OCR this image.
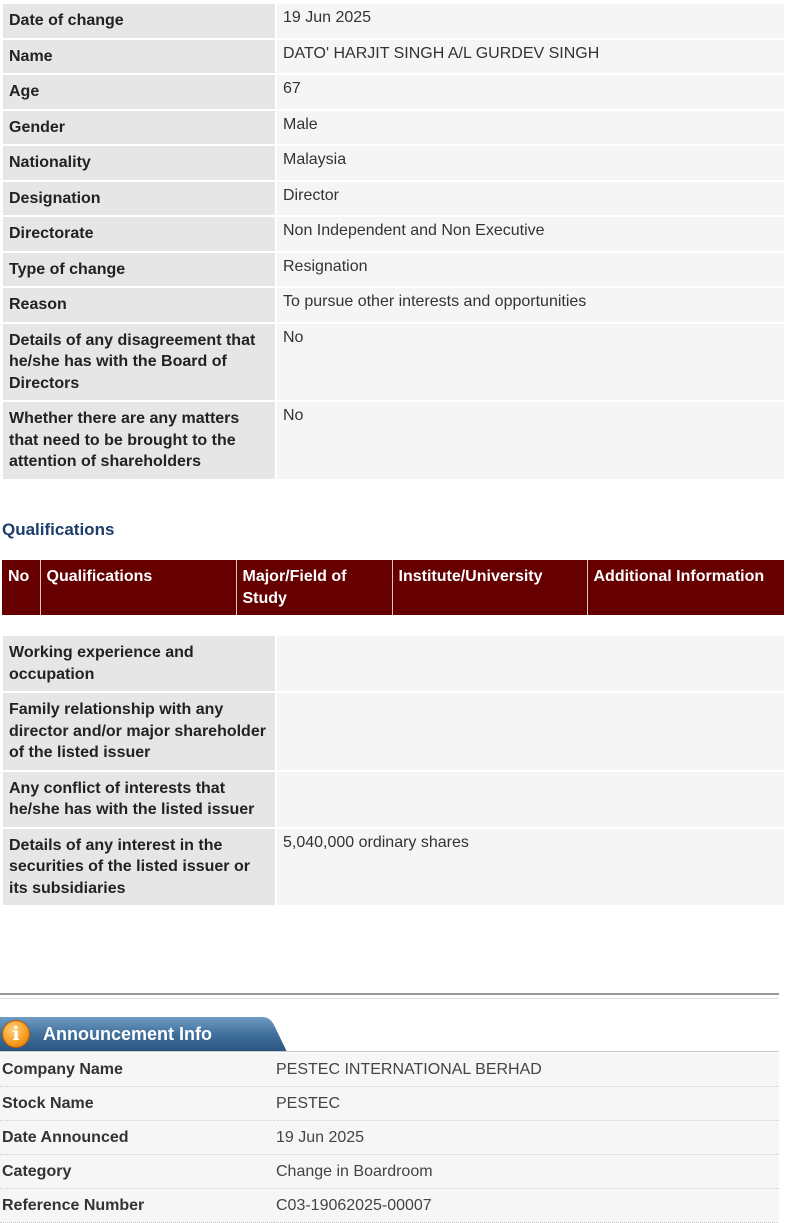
Date of change	19 Jun 2025
Name	DATO' HARJIT SINGH A/L GURDEV SINGH
Age	67
Gender	Male
Nationality	Malaysia
Designation	Director
Directorate	Non Independent and Non Executive
Type of change	Resignation
Reason	To pursue other interests and opportunities
Details of any disagreement that he/she has with the Board of Directors	No
Whether there are any matters that need to be brought to the attention of shareholders	No
Qualifications
No	Qualifications	Major/Field of Study	Institute/University	Additional Information
Working experience and occupation	
Family relationship with any director and/or major shareholder of the listed issuer	
Any conflict of interests that he/she has with the listed issuer	
Details of any interest in the securities of the listed issuer or its subsidiaries	5,040,000 ordinary shares
i	Announcement Info
Company Name	PESTEC INTERNATIONAL BERHAD
Stock Name	PESTEC
Date Announced	19 Jun 2025
Category	Change in Boardroom
Reference Number	C03-19062025-00007
